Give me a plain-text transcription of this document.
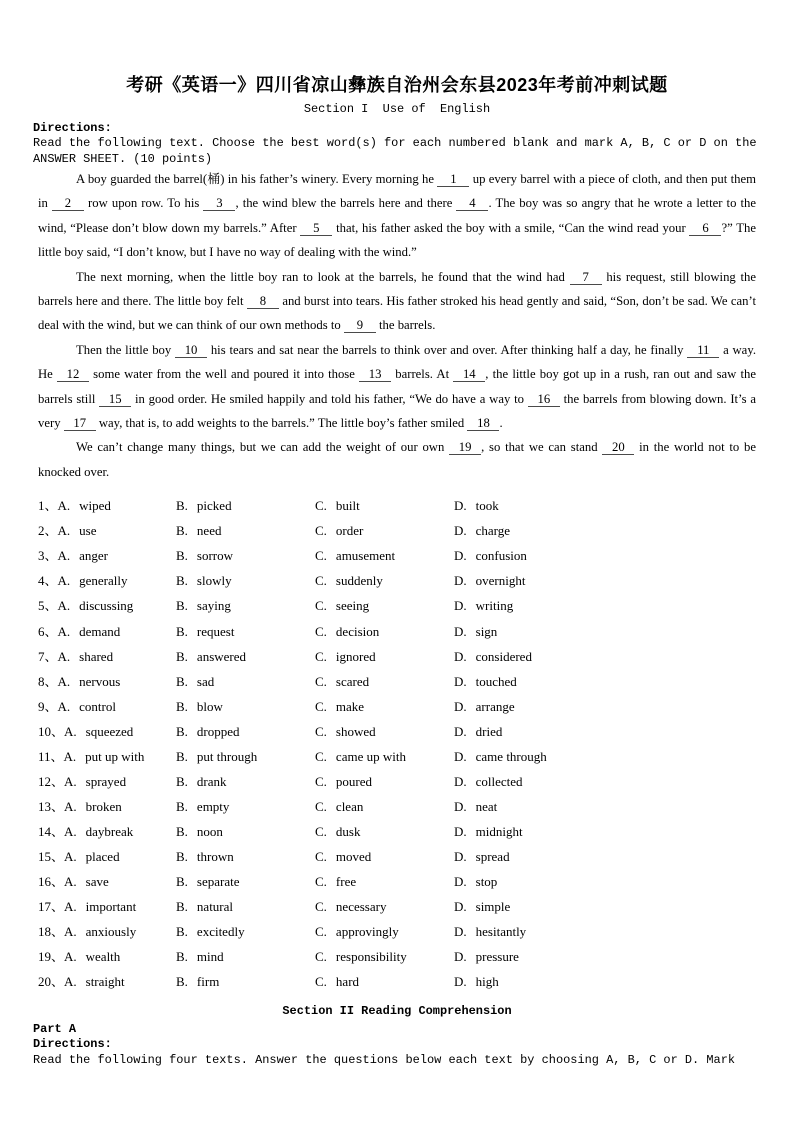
考研《英语一》四川省凉山彝族自治州会东县2023年考前冲刺试题
Section I  Use of  English
Directions:
Read the following text. Choose the best word(s) for each numbered blank and mark A, B, C or D on the ANSWER SHEET. (10 points)

A boy guarded the barrel(桶) in his father’s winery. Every morning he 1 up every barrel with a piece of cloth, and then put them in 2 row upon row. To his 3 , the wind blew the barrels here and there 4 . The boy was so angry that he wrote a letter to the wind, “Please don’t blow down my barrels.” After 5 that, his father asked the boy with a smile, “Can the wind read your 6 ?” The little boy said, “I don’t know, but I have no way of dealing with the wind.”

The next morning, when the little boy ran to look at the barrels, he found that the wind had 7 his request, still blowing the barrels here and there. The little boy felt 8 and burst into tears. His father stroked his head gently and said, “Son, don’t be sad. We can’t deal with the wind, but we can think of our own methods to 9 the barrels.

Then the little boy 10 his tears and sat near the barrels to think over and over. After thinking half a day, he finally 11 a way. He 12 some water from the well and poured it into those 13 barrels. At 14 , the little boy got up in a rush, ran out and saw the barrels still 15 in good order. He smiled happily and told his father, “We do have a way to 16 the barrels from blowing down. It’s a very 17 way, that is, to add weights to the barrels.” The little boy’s father smiled 18 .

We can’t change many things, but we can add the weight of our own 19 , so that we can stand 20 in the world not to be knocked over.

1、A. wiped	B. picked	C. built	D. took
2、A. use	B. need	C. order	D. charge
3、A. anger	B. sorrow	C. amusement	D. confusion
4、A. generally	B. slowly	C. suddenly	D. overnight
5、A. discussing	B. saying	C. seeing	D. writing
6、A. demand	B. request	C. decision	D. sign
7、A. shared	B. answered	C. ignored	D. considered
8、A. nervous	B. sad	C. scared	D. touched
9、A. control	B. blow	C. make	D. arrange
10、A. squeezed	B. dropped	C. showed	D. dried
11、A. put up with	B. put through	C. came up with	D. came through
12、A. sprayed	B. drank	C. poured	D. collected
13、A. broken	B. empty	C. clean	D. neat
14、A. daybreak	B. noon	C. dusk	D. midnight
15、A. placed	B. thrown	C. moved	D. spread
16、A. save	B. separate	C. free	D. stop
17、A. important	B. natural	C. necessary	D. simple
18、A. anxiously	B. excitedly	C. approvingly	D. hesitantly
19、A. wealth	B. mind	C. responsibility	D. pressure
20、A. straight	B. firm	C. hard	D. high
Section II Reading Comprehension
Part A
Directions:
Read the following four texts. Answer the questions below each text by choosing A, B, C or D. Mark
